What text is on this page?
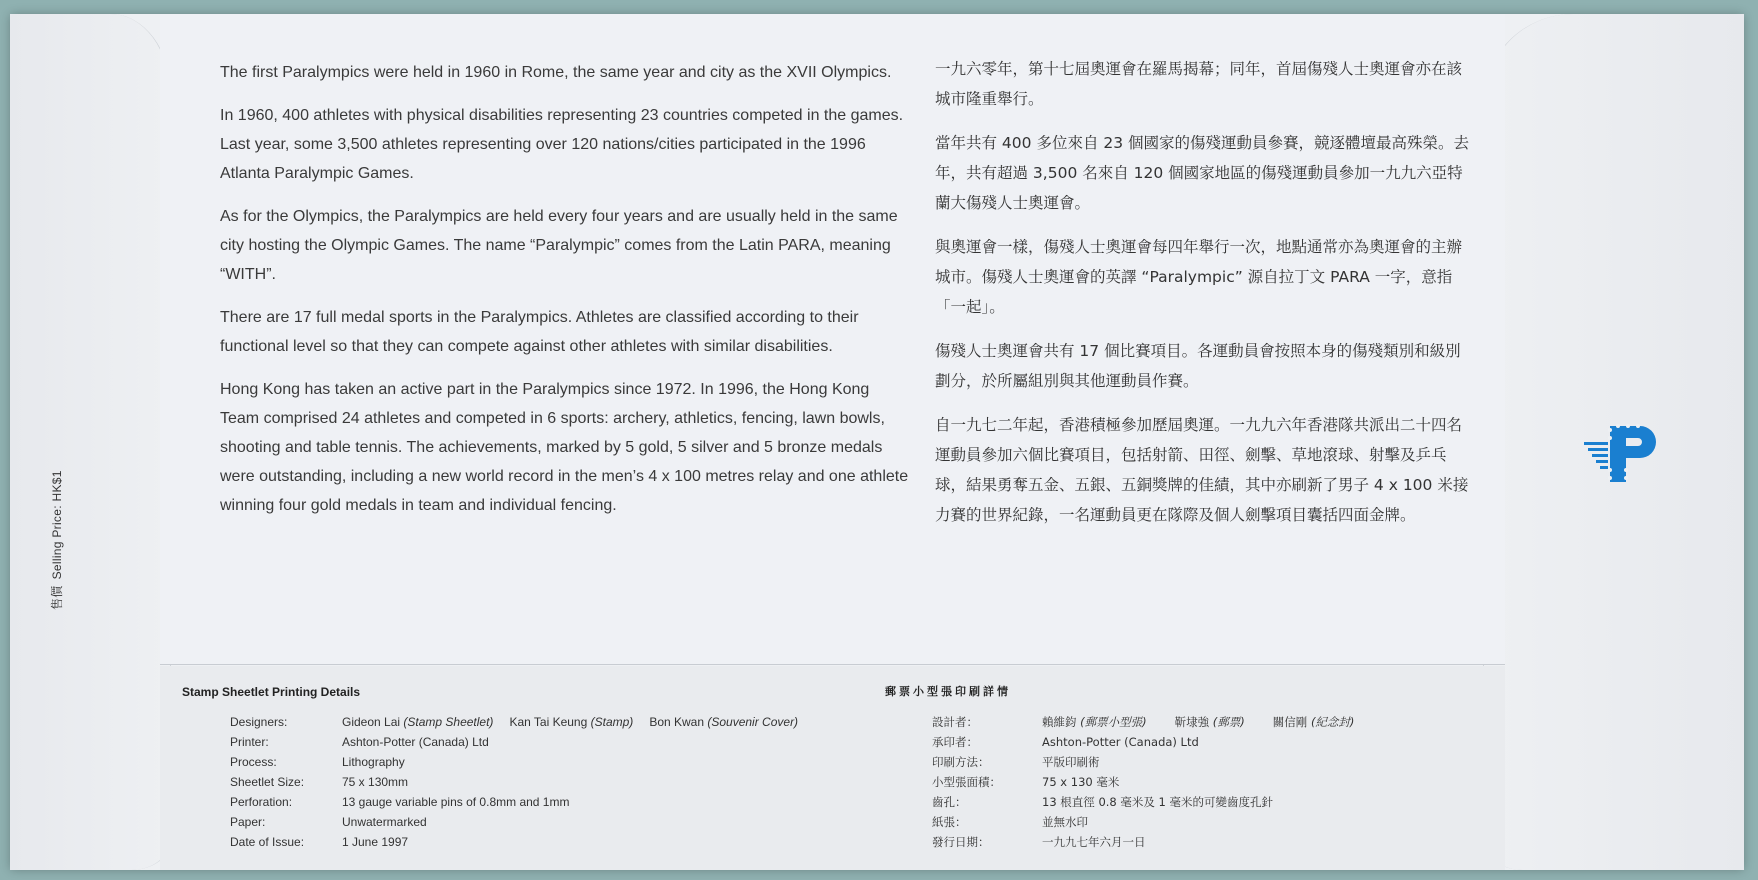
售價Selling Price: HK$1

The first Paralympics were held in 1960 in Rome, the same year and city as the XVII Olympics.

In 1960, 400 athletes with physical disabilities representing 23 countries competed in the games. Last year, some 3,500 athletes representing over 120 nations/cities participated in the 1996 Atlanta Paralympic Games.

As for the Olympics, the Paralympics are held every four years and are usually held in the same city hosting the Olympic Games. The name “Paralympic” comes from the Latin PARA, meaning “WITH”.

There are 17 full medal sports in the Paralympics. Athletes are classified according to their functional level so that they can compete against other athletes with similar disabilities.

Hong Kong has taken an active part in the Paralympics since 1972. In 1996, the Hong Kong Team comprised 24 athletes and competed in 6 sports: archery, athletics, fencing, lawn bowls, shooting and table tennis. The achievements, marked by 5 gold, 5 silver and 5 bronze medals were outstanding, including a new world record in the men’s 4 x 100 metres relay and one athlete winning four gold medals in team and individual fencing.

一九六零年，第十七屆奧運會在羅馬揭幕；同年，首屆傷殘人士奧運會亦在該城市隆重舉行。

當年共有 400 多位來自 23 個國家的傷殘運動員參賽，競逐體壇最高殊榮。去年，共有超過 3,500 名來自 120 個國家地區的傷殘運動員參加一九九六亞特蘭大傷殘人士奧運會。

與奧運會一樣，傷殘人士奧運會每四年舉行一次，地點通常亦為奧運會的主辦城市。傷殘人士奧運會的英譯 “Paralympic” 源自拉丁文 PARA 一字，意指「一起」。

傷殘人士奧運會共有 17 個比賽項目。各運動員會按照本身的傷殘類別和級別劃分，於所屬組別與其他運動員作賽。

自一九七二年起，香港積極參加歷屆奧運。一九九六年香港隊共派出二十四名運動員參加六個比賽項目，包括射箭、田徑、劍擊、草地滾球、射擊及乒乓球，結果勇奪五金、五銀、五銅獎牌的佳績，其中亦刷新了男子 4 x 100 米接力賽的世界紀錄，一名運動員更在隊際及個人劍擊項目囊括四面金牌。

Stamp Sheetlet Printing Details	郵票小型張印刷詳情
Designers:	Gideon Lai (Stamp Sheetlet) Kan Tai Keung (Stamp) Bon Kwan (Souvenir Cover)
Printer:	Ashton-Potter (Canada) Ltd
Process:	Lithography
Sheetlet Size:	75 x 130mm
Perforation:	13 gauge variable pins of 0.8mm and 1mm
Paper:	Unwatermarked
Date of Issue:	1 June 1997
設計者：	賴維鈞 (郵票小型張) 靳埭強 (郵票) 關信剛 (紀念封)
承印者：	Ashton-Potter (Canada) Ltd
印刷方法：	平版印刷術
小型張面積：	75 x 130 毫米
齒孔：	13 根直徑 0.8 毫米及 1 毫米的可變齒度孔針
紙張：	並無水印
發行日期：	一九九七年六月一日
